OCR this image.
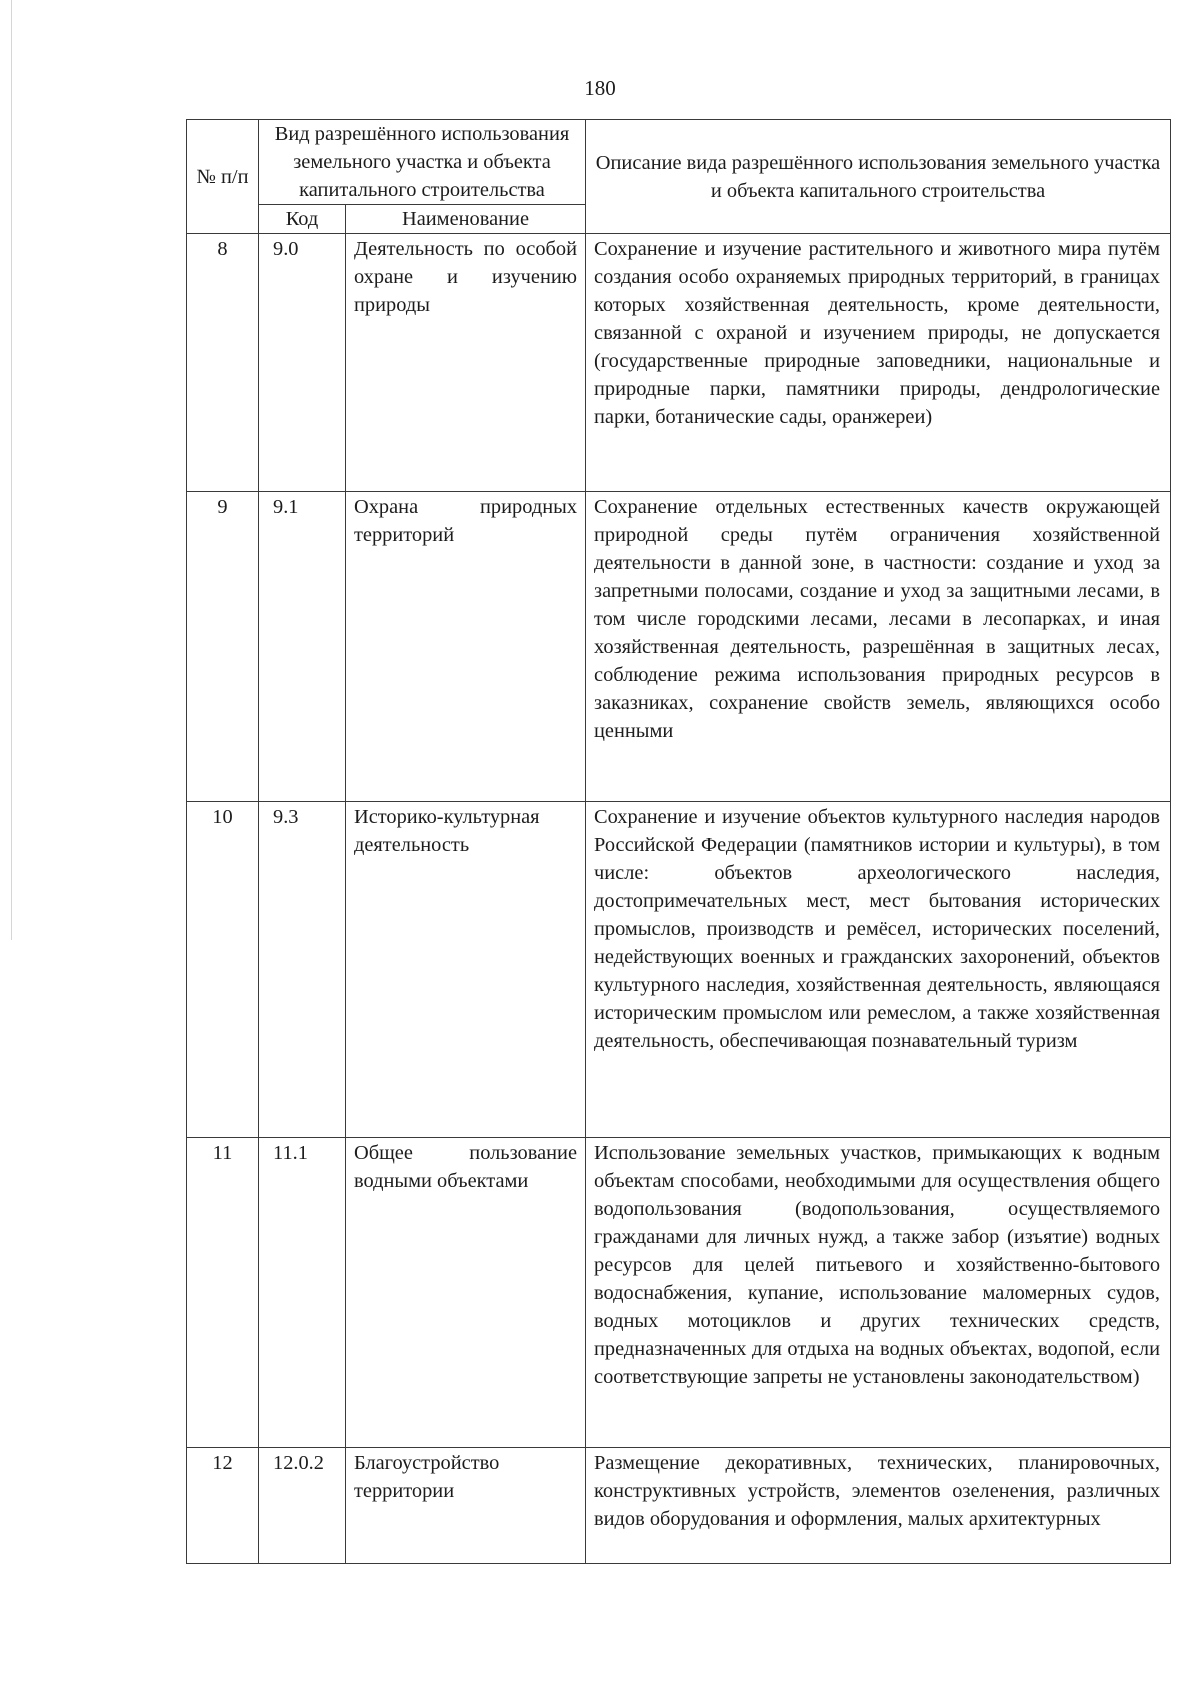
180
№ п/п	Вид разрешённого использования земельного участка и объекта капитального строительства		Описание вида разрешённого использования земельного участка и объекта капитального строительства
	Код	Наименование	
8	9.0	Деятельность по особой охране и изучению природы	Сохранение и изучение растительного и животного мира путём создания особо охраняемых природных территорий, в границах которых хозяйственная деятельность, кроме деятельности, связанной с охраной и изучением природы, не допускается (государственные природные заповедники, национальные и природные парки, памятники природы, дендрологические парки, ботанические сады, оранжереи)
9	9.1	Охрана природных территорий	Сохранение отдельных естественных качеств окружающей природной среды путём ограничения хозяйственной деятельности в данной зоне, в частности: создание и уход за запретными полосами, создание и уход за защитными лесами, в том числе городскими лесами, лесами в лесопарках, и иная хозяйственная деятельность, разрешённая в защитных лесах, соблюдение режима использования природных ресурсов в заказниках, сохранение свойств земель, являющихся особо ценными
10	9.3	Историко-культурная деятельность	Сохранение и изучение объектов культурного наследия народов Российской Федерации (памятников истории и культуры), в том числе: объектов археологического наследия, достопримечательных мест, мест бытования исторических промыслов, производств и ремёсел, исторических поселений, недействующих военных и гражданских захоронений, объектов культурного наследия, хозяйственная деятельность, являющаяся историческим промыслом или ремеслом, а также хозяйственная деятельность, обеспечивающая познавательный туризм
11	11.1	Общее пользование водными объектами	Использование земельных участков, примыкающих к водным объектам способами, необходимыми для осуществления общего водопользования (водопользования, осуществляемого гражданами для личных нужд, а также забор (изъятие) водных ресурсов для целей питьевого и хозяйственно-бытового водоснабжения, купание, использование маломерных судов, водных мотоциклов и других технических средств, предназначенных для отдыха на водных объектах, водопой, если соответствующие запреты не установлены законодательством)
12	12.0.2	Благоустройство территории	Размещение декоративных, технических, планировочных, конструктивных устройств, элементов озеленения, различных видов оборудования и оформления, малых архитектурных
